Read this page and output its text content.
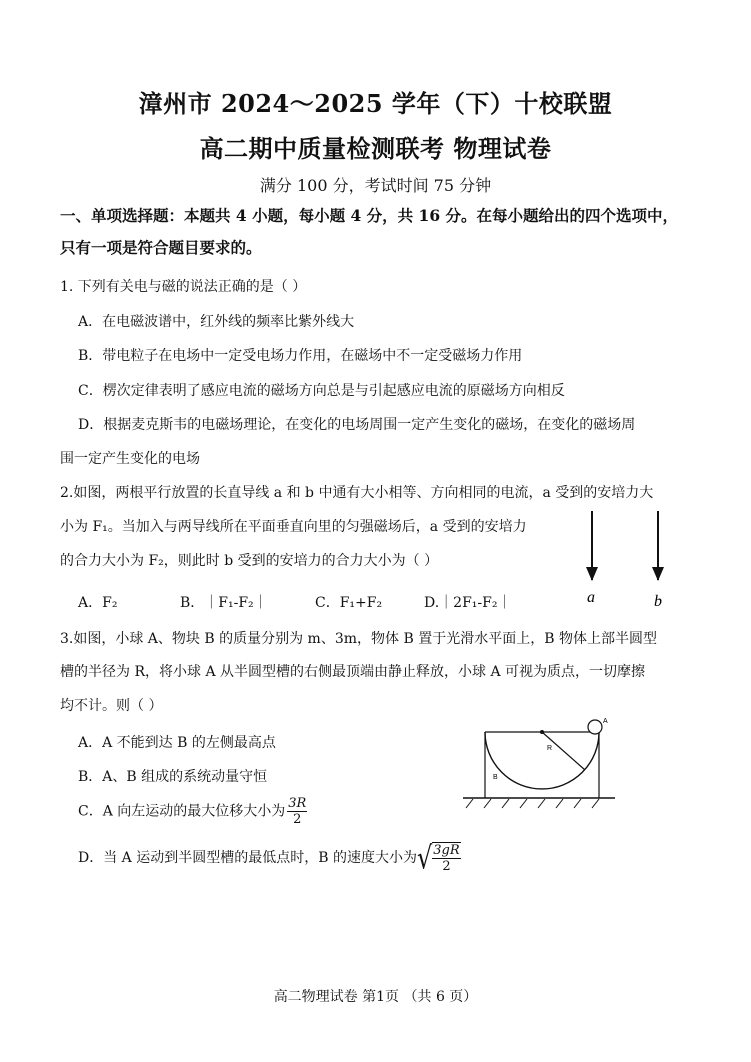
漳州市 2024～2025 学年（下）十校联盟
高二期中质量检测联考 物理试卷
满分 100 分，考试时间 75 分钟
一、单项选择题：本题共 4 小题，每小题 4 分，共 16 分。在每小题给出的四个选项中，
只有一项是符合题目要求的。
1. 下列有关电与磁的说法正确的是（ ）
A．在电磁波谱中，红外线的频率比紫外线大
B．带电粒子在电场中一定受电场力作用，在磁场中不一定受磁场力作用
C．楞次定律表明了感应电流的磁场方向总是与引起感应电流的原磁场方向相反
D．根据麦克斯韦的电磁场理论，在变化的电场周围一定产生变化的磁场，在变化的磁场周
围一定产生变化的电场
2.如图，两根平行放置的长直导线 a 和 b 中通有大小相等、方向相同的电流，a 受到的安培力大
小为 F₁。当加入与两导线所在平面垂直向里的匀强磁场后，a 受到的安培力
的合力大小为 F₂，则此时 b 受到的安培力的合力大小为（ ）
A．F₂	B．｜F₁-F₂｜	C．F₁+F₂	D.｜2F₁-F₂｜	a	b
3.如图，小球 A、物块 B 的质量分别为 m、3m，物体 B 置于光滑水平面上，B 物体上部半圆型
槽的半径为 R，将小球 A 从半圆型槽的右侧最顶端由静止释放，小球 A 可视为质点，一切摩擦
均不计。则（ ）
A．A 不能到达 B 的左侧最高点
B．A、B 组成的系统动量守恒
C．A 向左运动的最大位移大小为 $\frac{3R}{2}$
D．当 A 运动到半圆型槽的最低点时，B 的速度大小为 √ $\frac{3gR}{2}$
A
B
R
高二物理试卷 第1页 （共 6 页）
